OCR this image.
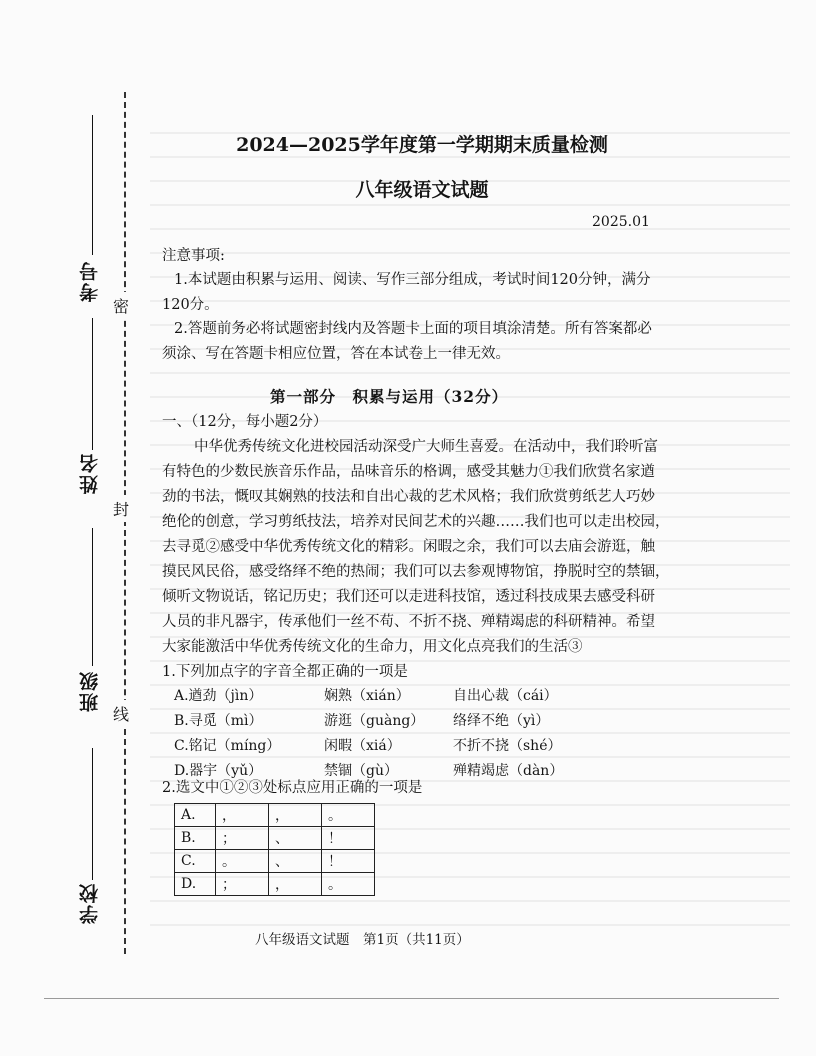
考号
姓名
班级
学校
密
封
线
2024—2025学年度第一学期期末质量检测
八年级语文试题
2025.01
注意事项:
1.本试题由积累与运用、阅读、写作三部分组成，考试时间120分钟，满分
120分。
2.答题前务必将试题密封线内及答题卡上面的项目填涂清楚。所有答案都必
须涂、写在答题卡相应位置，答在本试卷上一律无效。
第一部分　积累与运用（32分）
一、（12分，每小题2分）
中华优秀传统文化进校园活动深受广大师生喜爱。在活动中，我们聆听富
有特色的少数民族音乐作品，品味音乐的格调，感受其魅力①我们欣赏名家遒
劲的书法，慨叹其娴熟的技法和自出心裁的艺术风格；我们欣赏剪纸艺人巧妙
绝伦的创意，学习剪纸技法，培养对民间艺术的兴趣……我们也可以走出校园，
去寻觅②感受中华优秀传统文化的精彩。闲暇之余，我们可以去庙会游逛，触
摸民风民俗，感受络绎不绝的热闹；我们可以去参观博物馆，挣脱时空的禁锢，
倾听文物说话，铭记历史；我们还可以走进科技馆，透过科技成果去感受科研
人员的非凡器宇，传承他们一丝不苟、不折不挠、殚精竭虑的科研精神。希望
大家能激活中华优秀传统文化的生命力，用文化点亮我们的生活③
1.下列加点字的字音全都正确的一项是
A.遒劲（jìn）	娴熟（xián）	自出心裁（cái）
B.寻觅（mì）	游逛（guàng） 络绎不绝（yì）
C.铭记（míng）	闲暇（xiá）	不折不挠（shé）
D.器宇（yǔ）	禁锢（gù）	殚精竭虑（dàn）
2.选文中①②③处标点应用正确的一项是
A.	，	，	。
B.	；	、	！
C.	。	、	！
D.	；	，	。
八年级语文试题　第1页（共11页）
